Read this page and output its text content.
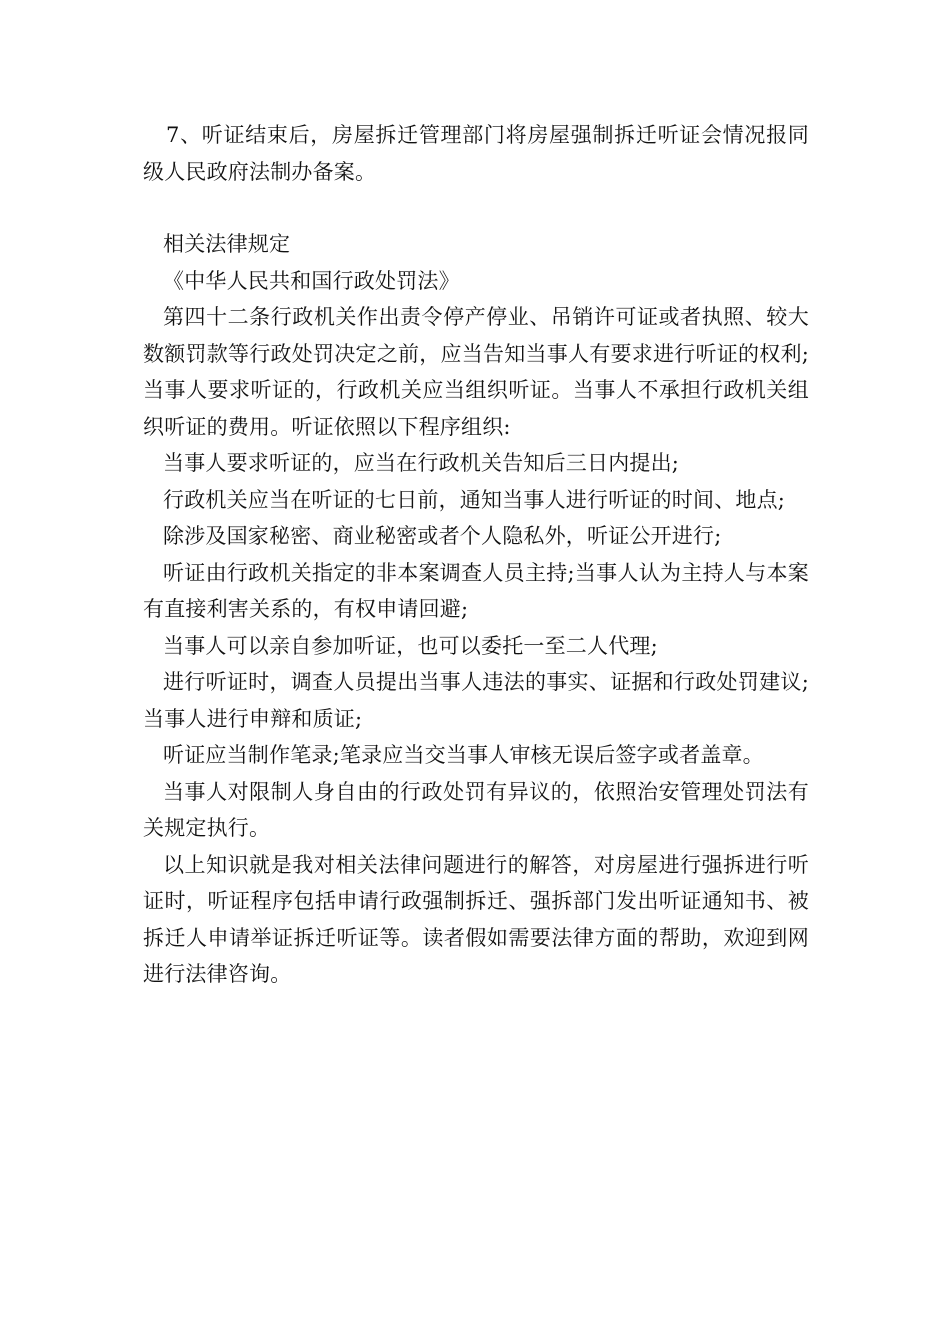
7、听证结束后，房屋拆迁管理部门将房屋强制拆迁听证会情况报同级人民政府法制办备案。

相关法律规定

《中华人民共和国行政处罚法》

第四十二条行政机关作出责令停产停业、吊销许可证或者执照、较大数额罚款等行政处罚决定之前，应当告知当事人有要求进行听证的权利;当事人要求听证的，行政机关应当组织听证。当事人不承担行政机关组织听证的费用。听证依照以下程序组织:

当事人要求听证的，应当在行政机关告知后三日内提出;

行政机关应当在听证的七日前，通知当事人进行听证的时间、地点;

除涉及国家秘密、商业秘密或者个人隐私外，听证公开进行;

听证由行政机关指定的非本案调查人员主持;当事人认为主持人与本案有直接利害关系的，有权申请回避;

当事人可以亲自参加听证，也可以委托一至二人代理;

进行听证时，调查人员提出当事人违法的事实、证据和行政处罚建议;当事人进行申辩和质证;

听证应当制作笔录;笔录应当交当事人审核无误后签字或者盖章。

当事人对限制人身自由的行政处罚有异议的，依照治安管理处罚法有关规定执行。

以上知识就是我对相关法律问题进行的解答，对房屋进行强拆进行听证时，听证程序包括申请行政强制拆迁、强拆部门发出听证通知书、被拆迁人申请举证拆迁听证等。读者假如需要法律方面的帮助，欢迎到网进行法律咨询。
